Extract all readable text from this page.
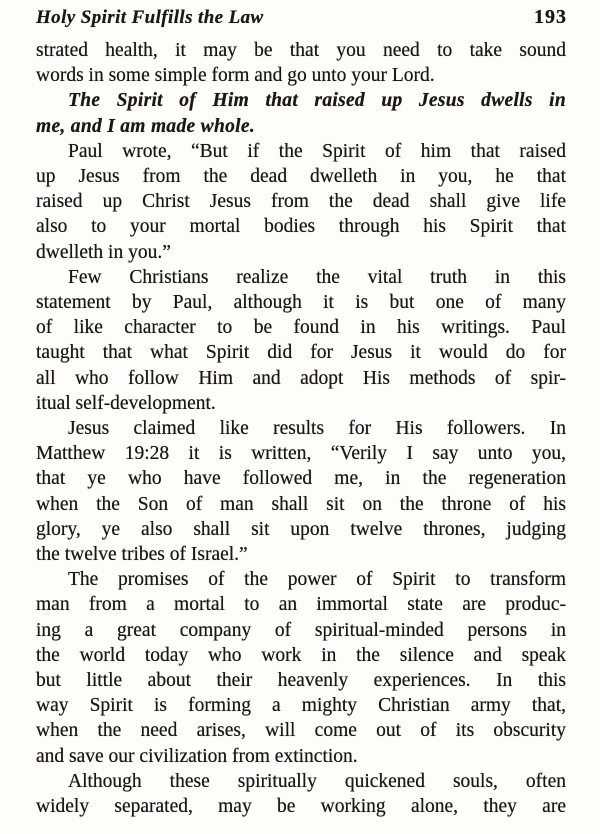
Holy Spirit Fulfills the Law	193
strated health, it may be that you need to take sound
words in some simple form and go unto your Lord.
The Spirit of Him that raised up Jesus dwells in
me, and I am made whole.
Paul wrote, “But if the Spirit of him that raised
up Jesus from the dead dwelleth in you, he that
raised up Christ Jesus from the dead shall give life
also to your mortal bodies through his Spirit that
dwelleth in you.”
Few Christians realize the vital truth in this
statement by Paul, although it is but one of many
of like character to be found in his writings. Paul
taught that what Spirit did for Jesus it would do for
all who follow Him and adopt His methods of spir-
itual self-development.
Jesus claimed like results for His followers. In
Matthew 19:28 it is written, “Verily I say unto you,
that ye who have followed me, in the regeneration
when the Son of man shall sit on the throne of his
glory, ye also shall sit upon twelve thrones, judging
the twelve tribes of Israel.”
The promises of the power of Spirit to transform
man from a mortal to an immortal state are produc-
ing a great company of spiritual-minded persons in
the world today who work in the silence and speak
but little about their heavenly experiences. In this
way Spirit is forming a mighty Christian army that,
when the need arises, will come out of its obscurity
and save our civilization from extinction.
Although these spiritually quickened souls, often
widely separated, may be working alone, they are
